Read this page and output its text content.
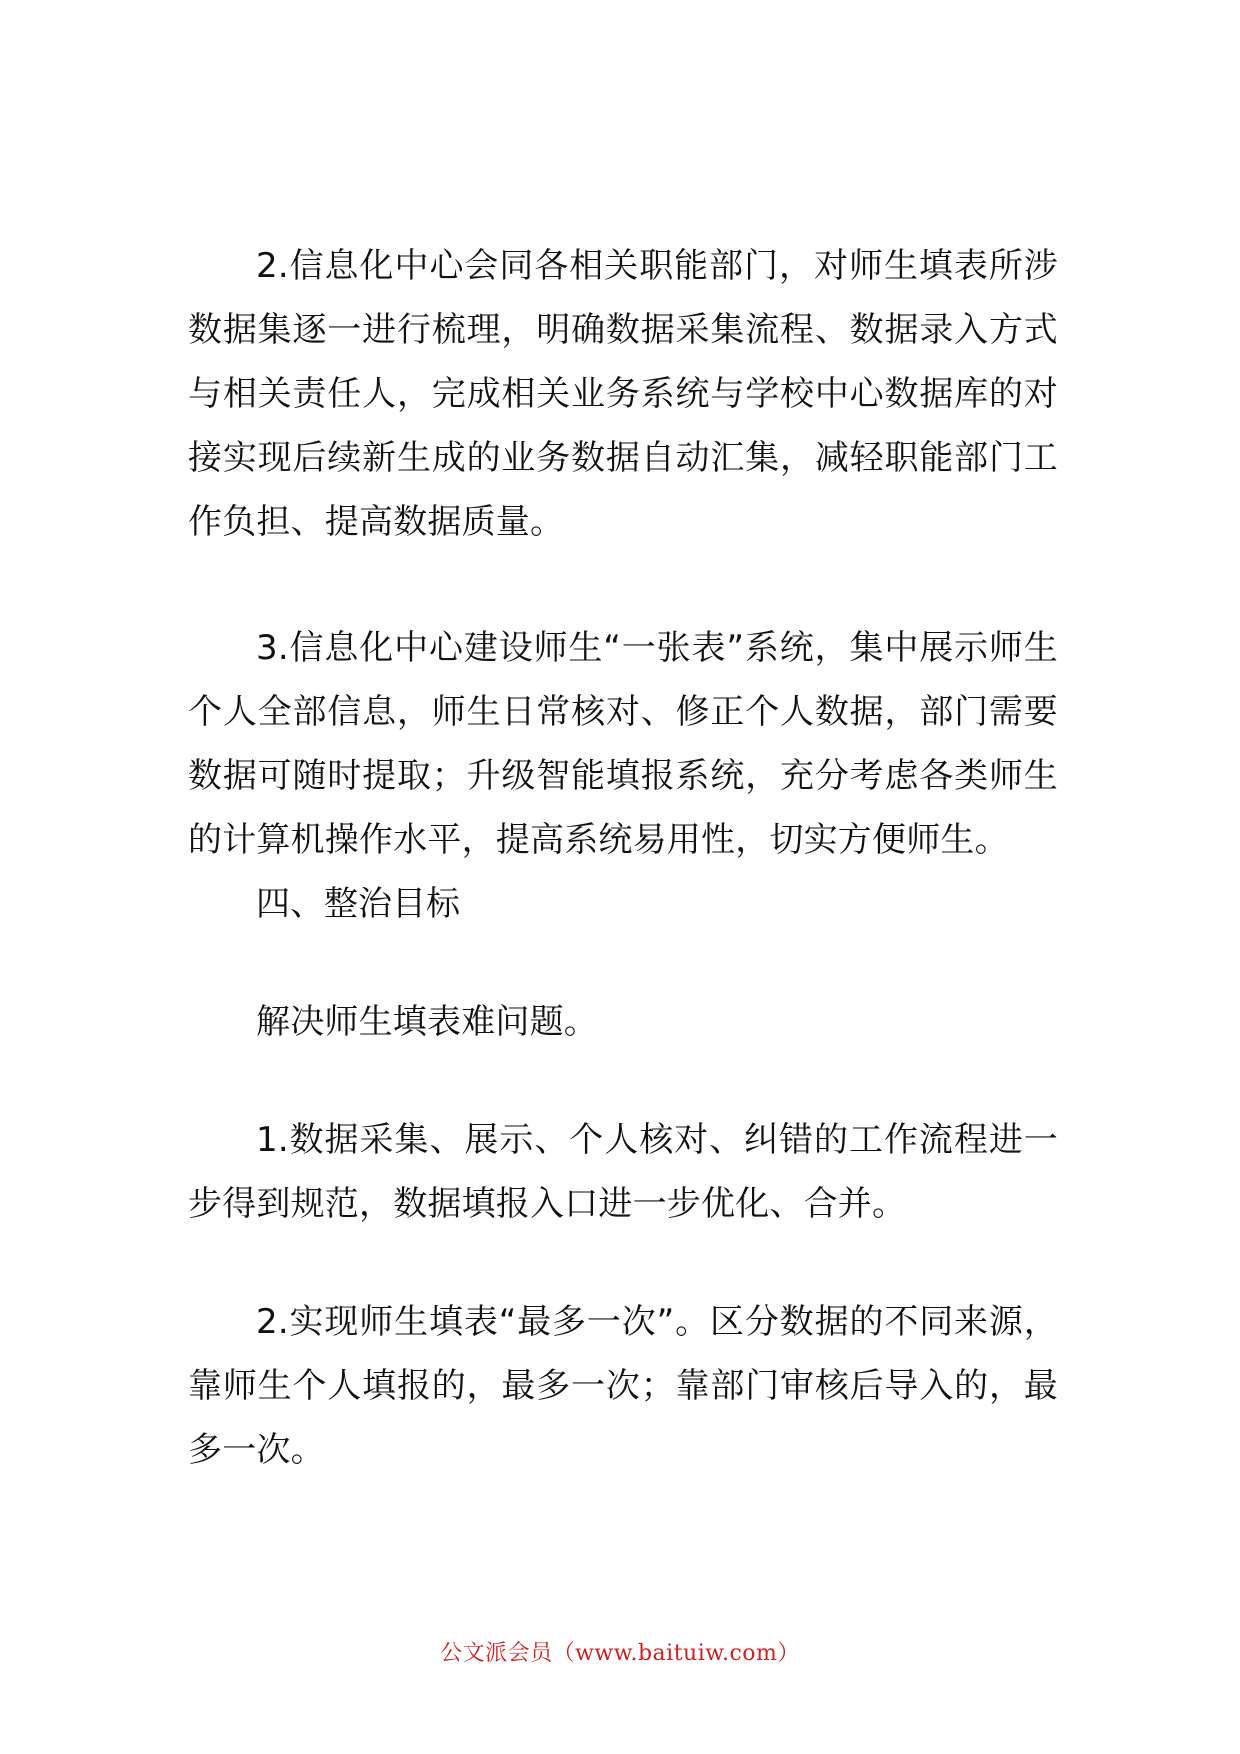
2.信息化中心会同各相关职能部门，对师生填表所涉数据集逐一进行梳理，明确数据采集流程、数据录入方式与相关责任人，完成相关业务系统与学校中心数据库的对接实现后续新生成的业务数据自动汇集，减轻职能部门工作负担、提高数据质量。

3.信息化中心建设师生“一张表”系统，集中展示师生个人全部信息，师生日常核对、修正个人数据，部门需要数据可随时提取；升级智能填报系统，充分考虑各类师生的计算机操作水平，提高系统易用性，切实方便师生。

四、整治目标

解决师生填表难问题。

1.数据采集、展示、个人核对、纠错的工作流程进一步得到规范，数据填报入口进一步优化、合并。

2.实现师生填表“最多一次”。区分数据的不同来源，靠师生个人填报的，最多一次；靠部门审核后导入的，最多一次。

公文派会员（www.baituiw.com）
